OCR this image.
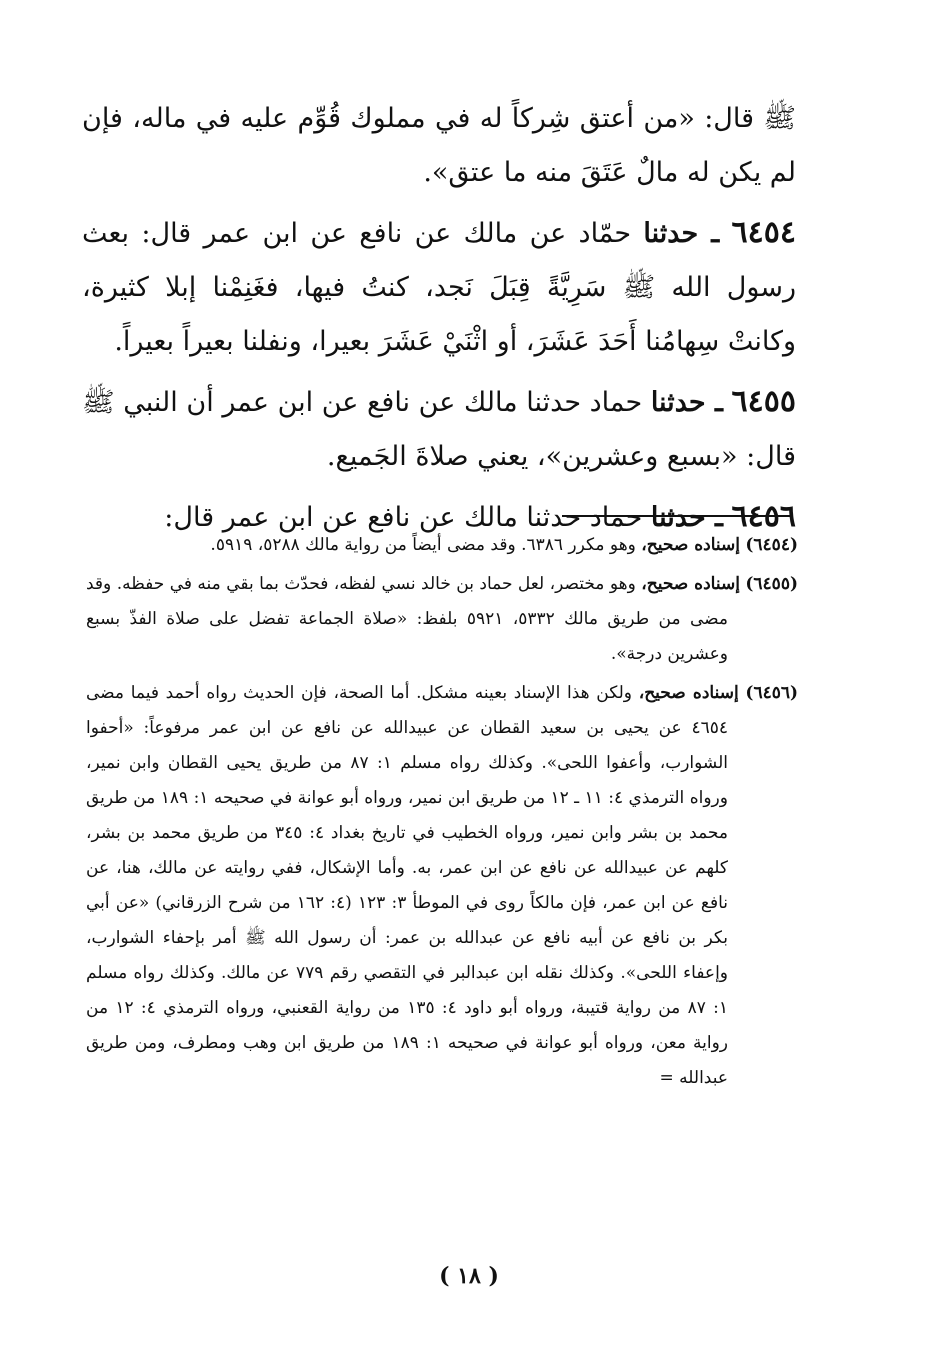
ﷺ قال: «من أعتق شِركاً له في مملوك قُوِّم عليه في ماله، فإن لم يكن له مالٌ عَتَقَ منه ما عتق».

٦٤٥٤ ـ حدثنا حمّاد عن مالك عن نافع عن ابن عمر قال: بعث رسول الله ﷺ سَرِيَّةً قِبَلَ نَجد، كنتُ فيها، فغَنِمْنا إبلا كثيرة، وكانتْ سِهامُنا أَحَدَ عَشَرَ، أو اثْنَيْ عَشَرَ بعيرا، ونفلنا بعيراً بعيراً.

٦٤٥٥ ـ حدثنا حماد حدثنا مالك عن نافع عن ابن عمر أن النبي ﷺ قال: «بسبع وعشرين»، يعني صلاةَ الجَميع.

٦٤٥٦ ـ حدثنا حماد حدثنا مالك عن نافع عن ابن عمر قال:

(٦٤٥٤) إسناده صحيح، وهو مكرر ٦٣٨٦. وقد مضى أيضاً من رواية مالك ٥٢٨٨، ٥٩١٩.

(٦٤٥٥) إسناده صحيح، وهو مختصر، لعل حماد بن خالد نسي لفظه، فحدّث بما بقي منه في حفظه. وقد مضى من طريق مالك ٥٣٣٢، ٥٩٢١ بلفظ: «صلاة الجماعة تفضل على صلاة الفذّ بسبع وعشرين درجة».

(٦٤٥٦) إسناده صحيح، ولكن هذا الإسناد بعينه مشكل. أما الصحة، فإن الحديث رواه أحمد فيما مضى ٤٦٥٤ عن يحيى بن سعيد القطان عن عبيدالله عن نافع عن ابن عمر مرفوعاً: «أحفوا الشوارب، وأعفوا اللحى». وكذلك رواه مسلم ١: ٨٧ من طريق يحيى القطان وابن نمير، ورواه الترمذي ٤: ١١ ـ ١٢ من طريق ابن نمير، ورواه أبو عوانة في صحيحه ١: ١٨٩ من طريق محمد بن بشر وابن نمير، ورواه الخطيب في تاريخ بغداد ٤: ٣٤٥ من طريق محمد بن بشر، كلهم عن عبيدالله عن نافع عن ابن عمر، به. وأما الإشكال، ففي روايته عن مالك، هنا، عن نافع عن ابن عمر، فإن مالكاً روى في الموطأ ٣: ١٢٣ (٤: ١٦٢ من شرح الزرقاني) «عن أبي بكر بن نافع عن أبيه نافع عن عبدالله بن عمر: أن رسول الله ﷺ أمر بإحفاء الشوارب، وإعفاء اللحى». وكذلك نقله ابن عبدالبر في التقصي رقم ٧٧٩ عن مالك. وكذلك رواه مسلم ١: ٨٧ من رواية قتيبة، ورواه أبو داود ٤: ١٣٥ من رواية القعنبي، ورواه الترمذي ٤: ١٢ من رواية معن، ورواه أبو عوانة في صحيحه ١: ١٨٩ من طريق ابن وهب ومطرف، ومن طريق عبدالله =

( ١٨ )
